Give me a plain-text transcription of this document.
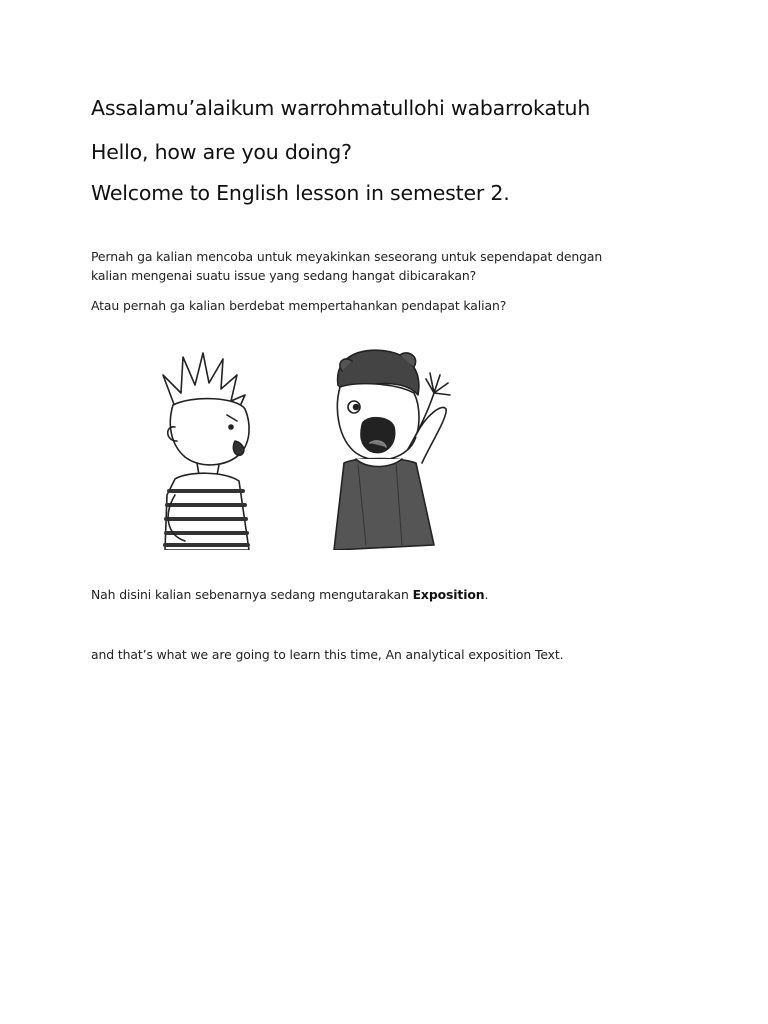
Assalamu’alaikum warrohmatullohi wabarrokatuh
Hello, how are you doing?
Welcome to English lesson in semester 2.
Pernah ga kalian mencoba untuk meyakinkan seseorang untuk sependapat dengan
kalian mengenai suatu issue yang sedang hangat dibicarakan?
Atau pernah ga kalian berdebat mempertahankan pendapat kalian?
Nah disini kalian sebenarnya sedang mengutarakan Exposition.
and that’s what we are going to learn this time, An analytical exposition Text.
